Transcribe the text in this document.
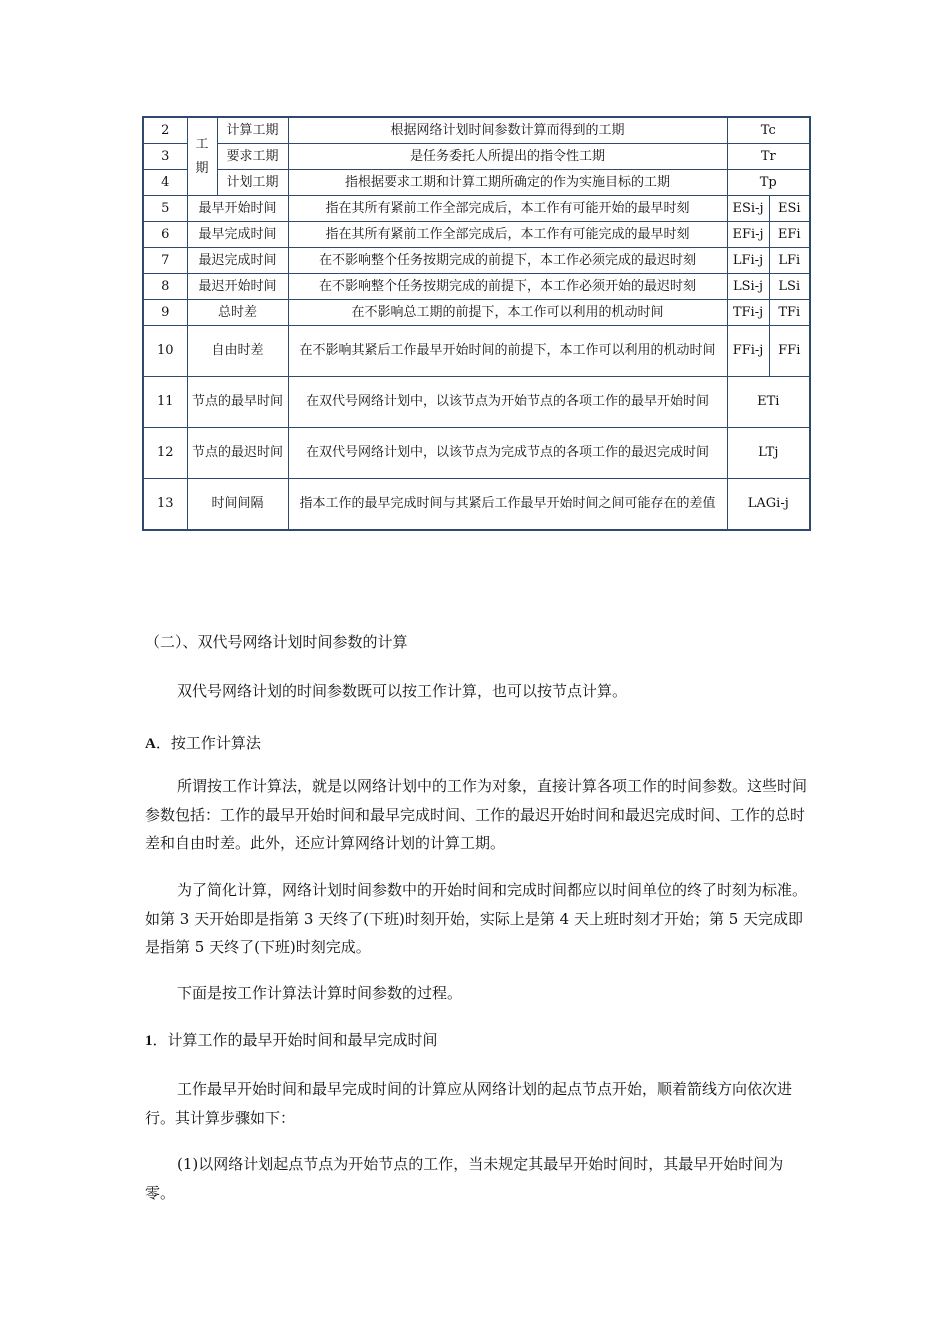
2	工期	计算工期	根据网络计划时间参数计算而得到的工期	Tc	
3		要求工期	是任务委托人所提出的指令性工期	Tr	
4		计划工期	指根据要求工期和计算工期所确定的作为实施目标的工期	Tp	
5	最早开始时间		指在其所有紧前工作全部完成后，本工作有可能开始的最早时刻	ESi-j	ESi
6	最早完成时间		指在其所有紧前工作全部完成后，本工作有可能完成的最早时刻	EFi-j	EFi
7	最迟完成时间		在不影响整个任务按期完成的前提下，本工作必须完成的最迟时刻	LFi-j	LFi
8	最迟开始时间		在不影响整个任务按期完成的前提下，本工作必须开始的最迟时刻	LSi-j	LSi
9	总时差		在不影响总工期的前提下，本工作可以利用的机动时间	TFi-j	TFi
10	自由时差		在不影响其紧后工作最早开始时间的前提下，本工作可以利用的机动时间	FFi-j	FFi
11	节点的最早时间		在双代号网络计划中，以该节点为开始节点的各项工作的最早开始时间	ETi	
12	节点的最迟时间		在双代号网络计划中，以该节点为完成节点的各项工作的最迟完成时间	LTj	
13	时间间隔		指本工作的最早完成时间与其紧后工作最早开始时间之间可能存在的差值	LAGi-j	
（二）、双代号网络计划时间参数的计算
双代号网络计划的时间参数既可以按工作计算，也可以按节点计算。
A．按工作计算法
所谓按工作计算法，就是以网络计划中的工作为对象，直接计算各项工作的时间参数。这些时间参数包括：工作的最早开始时间和最早完成时间、工作的最迟开始时间和最迟完成时间、工作的总时差和自由时差。此外，还应计算网络计划的计算工期。
为了简化计算，网络计划时间参数中的开始时间和完成时间都应以时间单位的终了时刻为标准。如第 3 天开始即是指第 3 天终了(下班)时刻开始，实际上是第 4 天上班时刻才开始；第 5 天完成即是指第 5 天终了(下班)时刻完成。
下面是按工作计算法计算时间参数的过程。
1．计算工作的最早开始时间和最早完成时间
工作最早开始时间和最早完成时间的计算应从网络计划的起点节点开始，顺着箭线方向依次进行。其计算步骤如下：
(1)以网络计划起点节点为开始节点的工作，当未规定其最早开始时间时，其最早开始时间为零。
